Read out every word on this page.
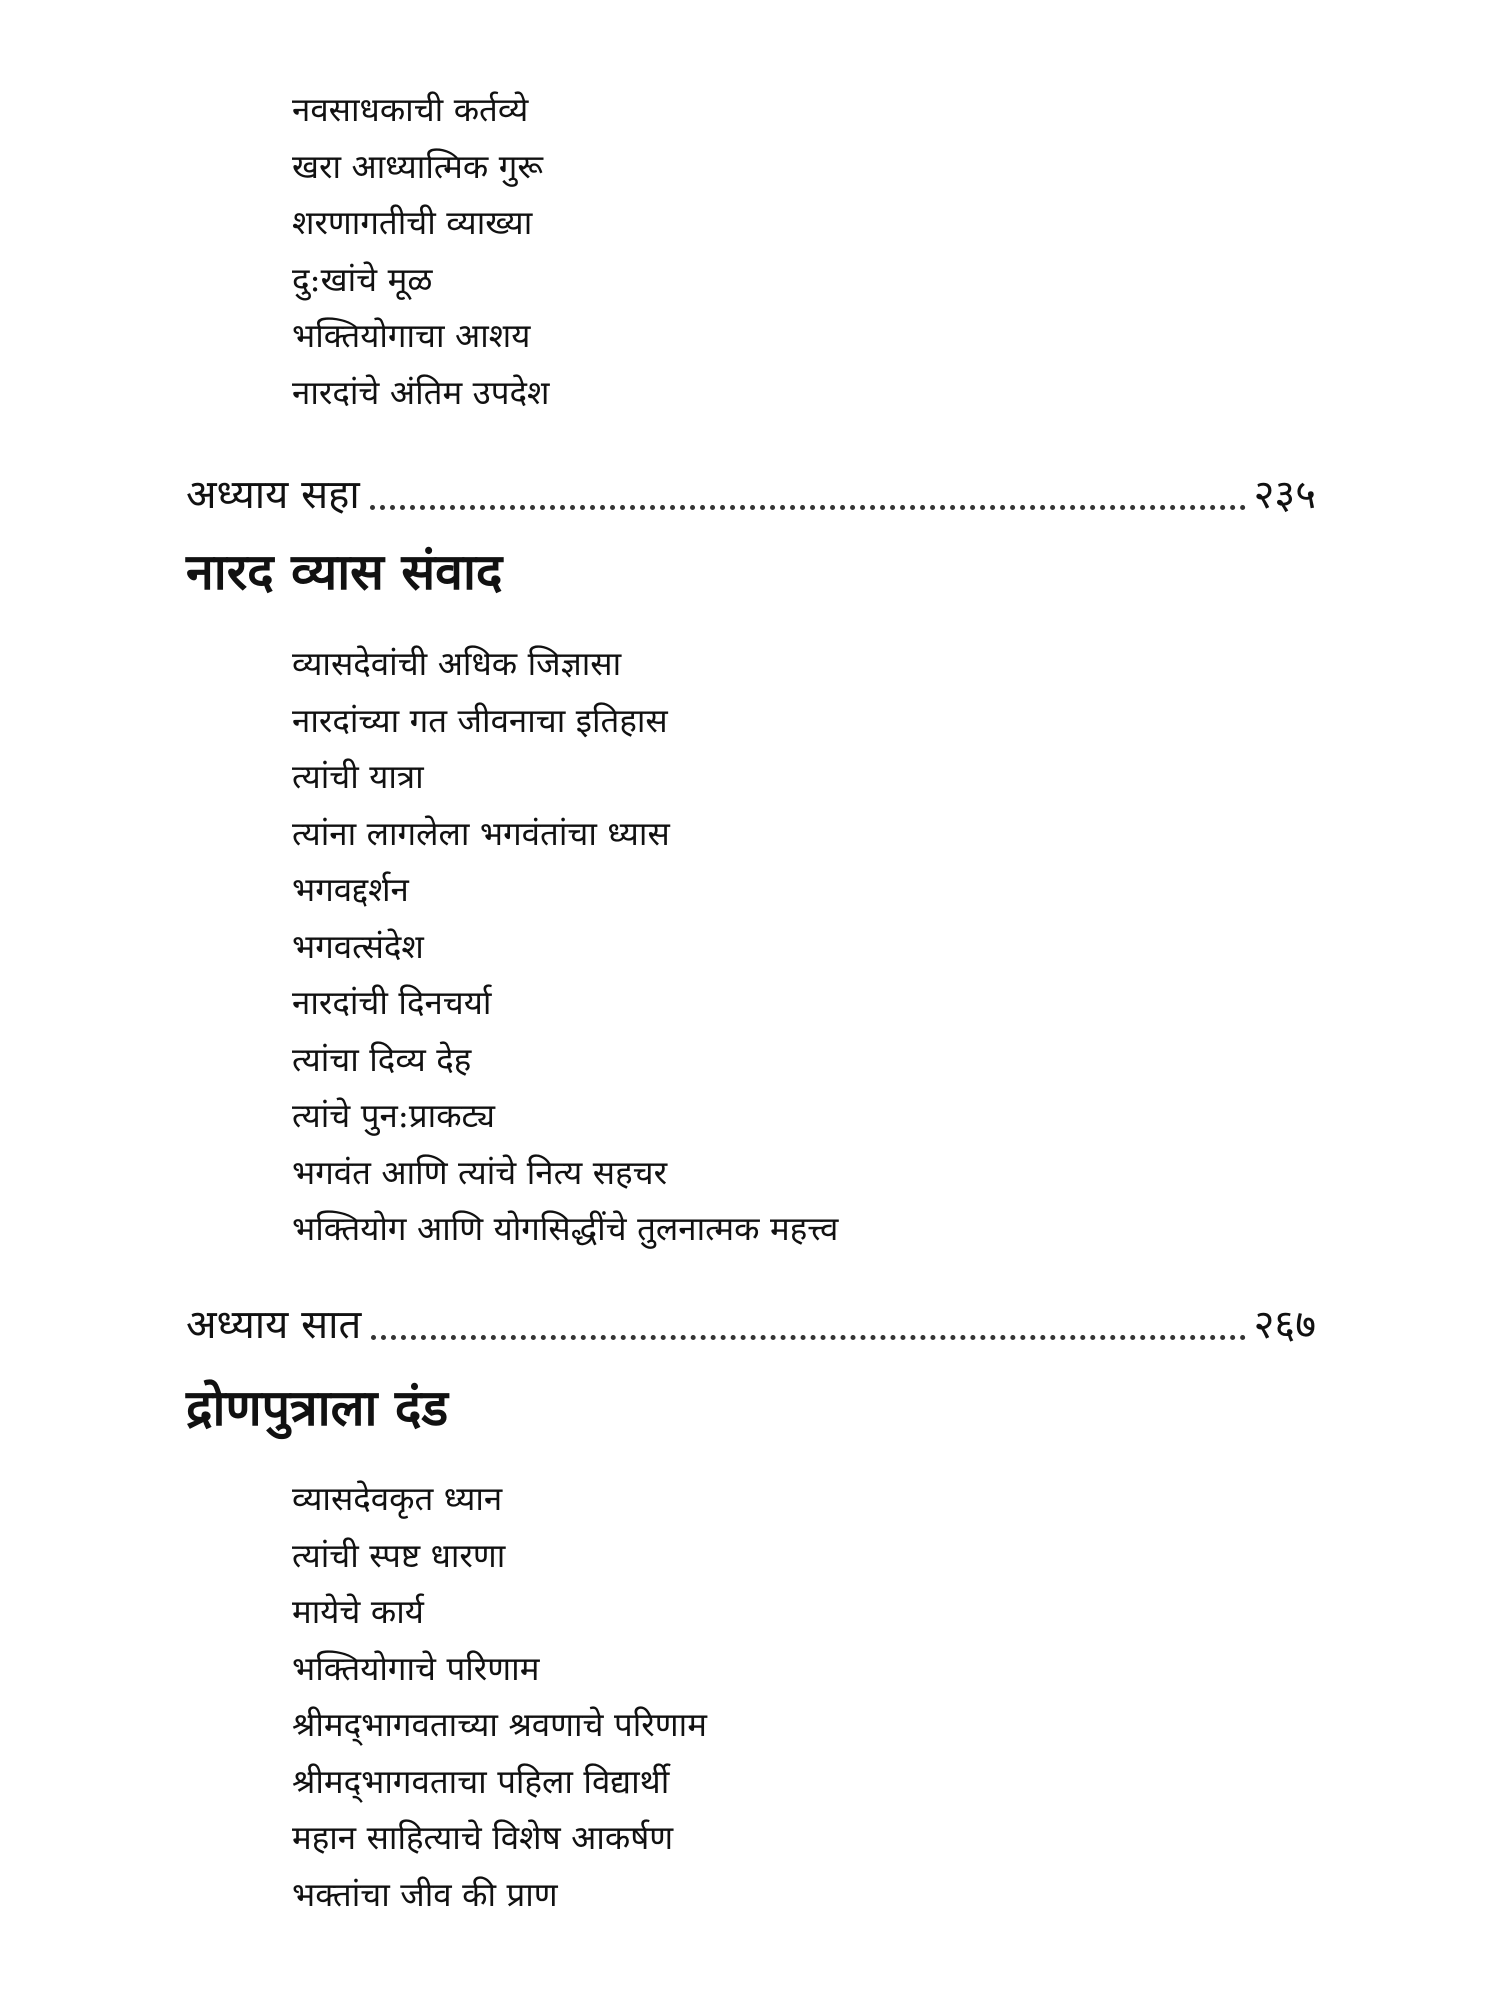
नवसाधकाची कर्तव्ये
खरा आध्यात्मिक गुरू
शरणागतीची व्याख्या
दु:खांचे मूळ
भक्तियोगाचा आशय
नारदांचे अंतिम उपदेश
अध्याय सहा	२३५
नारद व्यास संवाद
व्यासदेवांची अधिक जिज्ञासा
नारदांच्या गत जीवनाचा इतिहास
त्यांची यात्रा
त्यांना लागलेला भगवंतांचा ध्यास
भगवद्दर्शन
भगवत्संदेश
नारदांची दिनचर्या
त्यांचा दिव्य देह
त्यांचे पुन:प्राकट्य
भगवंत आणि त्यांचे नित्य सहचर
भक्तियोग आणि योगसिद्धींचे तुलनात्मक महत्त्व
अध्याय सात	२६७
द्रोणपुत्राला दंड
व्यासदेवकृत ध्यान
त्यांची स्पष्ट धारणा
मायेचे कार्य
भक्तियोगाचे परिणाम
श्रीमद्‌भागवताच्या श्रवणाचे परिणाम
श्रीमद्‌भागवताचा पहिला विद्यार्थी
महान साहित्याचे विशेष आकर्षण
भक्तांचा जीव की प्राण
